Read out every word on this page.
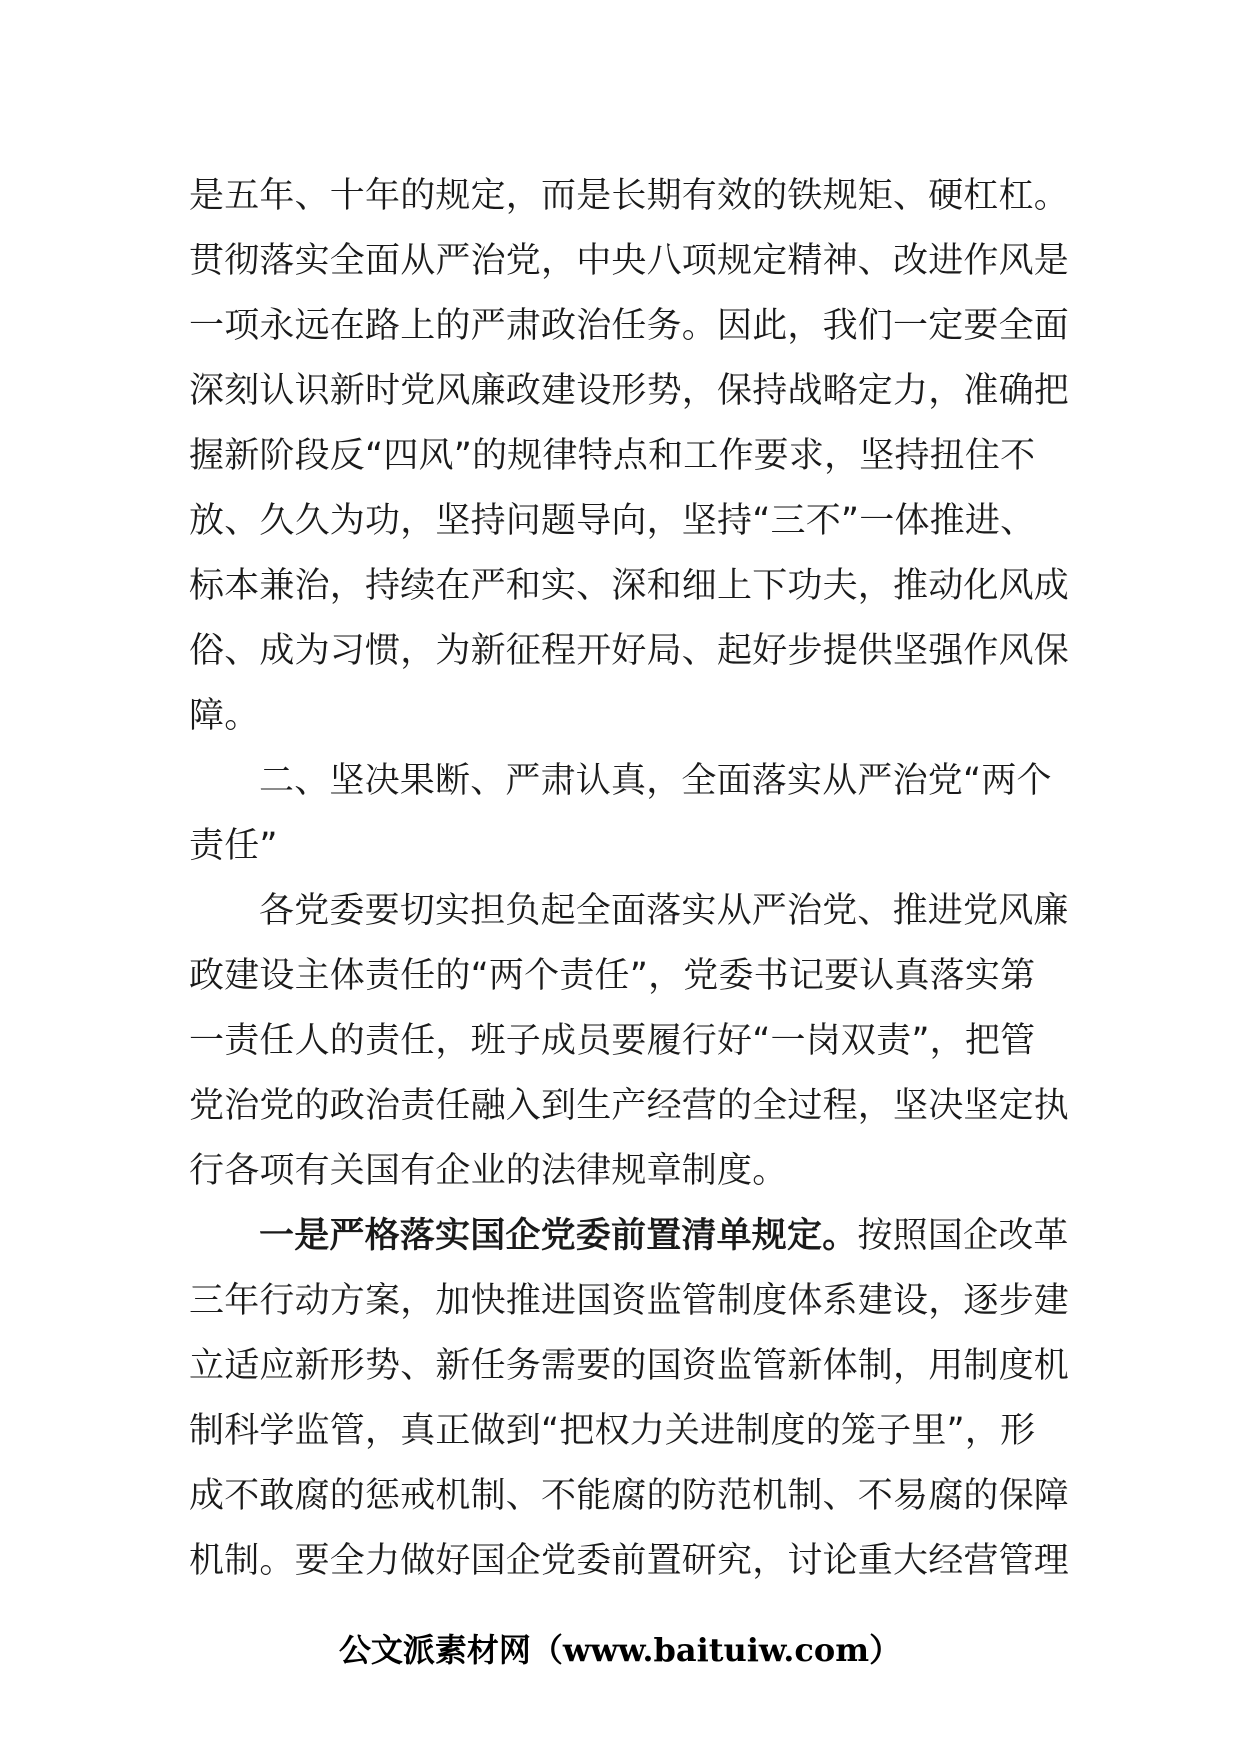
是五年、十年的规定，而是长期有效的铁规矩、硬杠杠。
贯彻落实全面从严治党，中央八项规定精神、改进作风是
一项永远在路上的严肃政治任务。因此，我们一定要全面
深刻认识新时党风廉政建设形势，保持战略定力，准确把
握新阶段反“四风”的规律特点和工作要求，坚持扭住不
放、久久为功，坚持问题导向，坚持“三不”一体推进、
标本兼治，持续在严和实、深和细上下功夫，推动化风成
俗、成为习惯，为新征程开好局、起好步提供坚强作风保
障。
二、坚决果断、严肃认真，全面落实从严治党“两个
责任”
各党委要切实担负起全面落实从严治党、推进党风廉
政建设主体责任的“两个责任”，党委书记要认真落实第
一责任人的责任，班子成员要履行好“一岗双责”，把管
党治党的政治责任融入到生产经营的全过程，坚决坚定执
行各项有关国有企业的法律规章制度。
一是严格落实国企党委前置清单规定。按照国企改革
三年行动方案，加快推进国资监管制度体系建设，逐步建
立适应新形势、新任务需要的国资监管新体制，用制度机
制科学监管，真正做到“把权力关进制度的笼子里”，形
成不敢腐的惩戒机制、不能腐的防范机制、不易腐的保障
机制。要全力做好国企党委前置研究，讨论重大经营管理
公文派素材网（www.baituiw.com）
